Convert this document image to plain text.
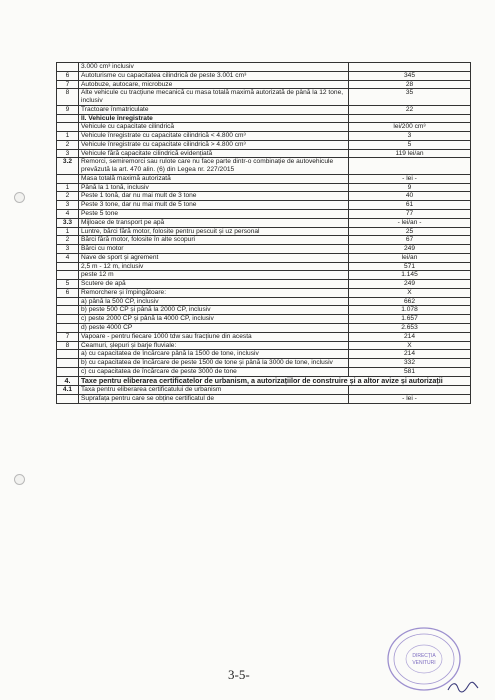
	3.000 cm³ inclusiv	
6	Autoturisme cu capacitatea cilindrică de peste 3.001 cm³	345
7	Autobuze, autocare, microbuze	28
8	Alte vehicule cu tracțiune mecanică cu masa totală maximă autorizată de până la 12 tone, inclusiv	35
9	Tractoare înmatriculate	22
	II. Vehicule înregistrate	
	Vehicule cu capacitate cilindrică	lei/200 cm³
1	Vehicule înregistrate cu capacitate cilindrică < 4.800 cm³	3
2	Vehicule înregistrate cu capacitate cilindrică > 4.800 cm³	5
3	Vehicule fără capacitate cilindrică evidențiată	119 lei/an
3.2	Remorci, semiremorci sau rulote care nu face parte dintr-o combinație de autovehicule prevăzută la art. 470 alin. (6) din Legea nr. 227/2015	
	Masa totală maximă autorizată	- lei -
1	Până la 1 tonă, inclusiv	9
2	Peste 1 tonă, dar nu mai mult de 3 tone	40
3	Peste 3 tone, dar nu mai mult de 5 tone	61
4	Peste 5 tone	77
3.3	Mijloace de transport pe apă	- lei/an -
1	Luntre, bărci fără motor, folosite pentru pescuit și uz personal	25
2	Bărci fără motor, folosite în alte scopuri	67
3	Bărci cu motor	249
4	Nave de sport și agrement	lei/an
	2,5 m - 12 m, inclusiv	571
	peste 12 m	1.145
5	Scutere de apă	249
6	Remorchere și împingătoare:	X
	a) până la 500 CP, inclusiv	662
	b) peste 500 CP și până la 2000 CP, inclusiv	1.078
	c) peste 2000 CP și până la 4000 CP, inclusiv	1.657
	d) peste 4000 CP	2.653
7	Vapoare - pentru fiecare 1000 tdw sau fracțiune din acesta	214
8	Ceamuri, șlepuri și barje fluviale:	X
	a) cu capacitatea de încărcare până la 1500 de tone, inclusiv	214
	b) cu capacitatea de încărcare de peste 1500 de tone și până la 3000 de tone, inclusiv	332
	c) cu capacitatea de încărcare de peste 3000 de tone	581
4.	Taxe pentru eliberarea certificatelor de urbanism, a autorizațiilor de construire și a altor avize și autorizații	
4.1	Taxa pentru eliberarea certificatului de urbanism	
	Suprafața pentru care se obține certificatul de	- lei -
3-5-
DIRECȚIA
VENITURI
